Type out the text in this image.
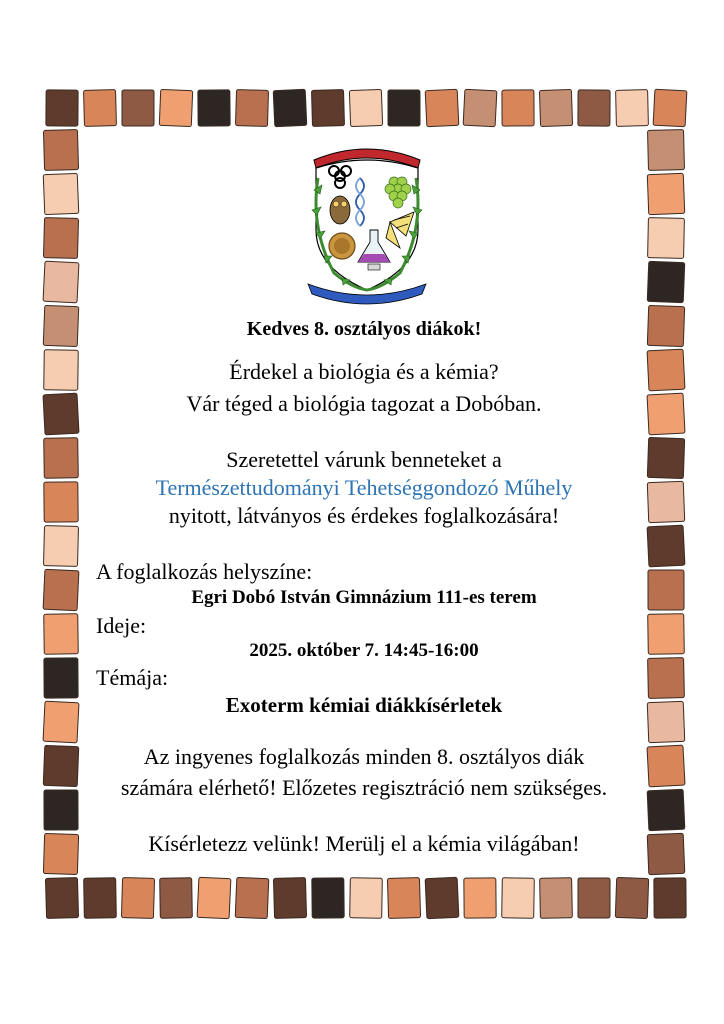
Kedves 8. osztályos diákok!
Érdekel a biológia és a kémia?
Vár téged a biológia tagozat a Dobóban.
Szeretettel várunk benneteket a
Természettudományi Tehetséggondozó Műhely
nyitott, látványos és érdekes foglalkozására!
A foglalkozás helyszíne:
Egri Dobó István Gimnázium 111-es terem
Ideje:
2025. október 7. 14:45-16:00
Témája:
Exoterm kémiai diákkísérletek
Az ingyenes foglalkozás minden 8. osztályos diák
számára elérhető! Előzetes regisztráció nem szükséges.
Kísérletezz velünk! Merülj el a kémia világában!
